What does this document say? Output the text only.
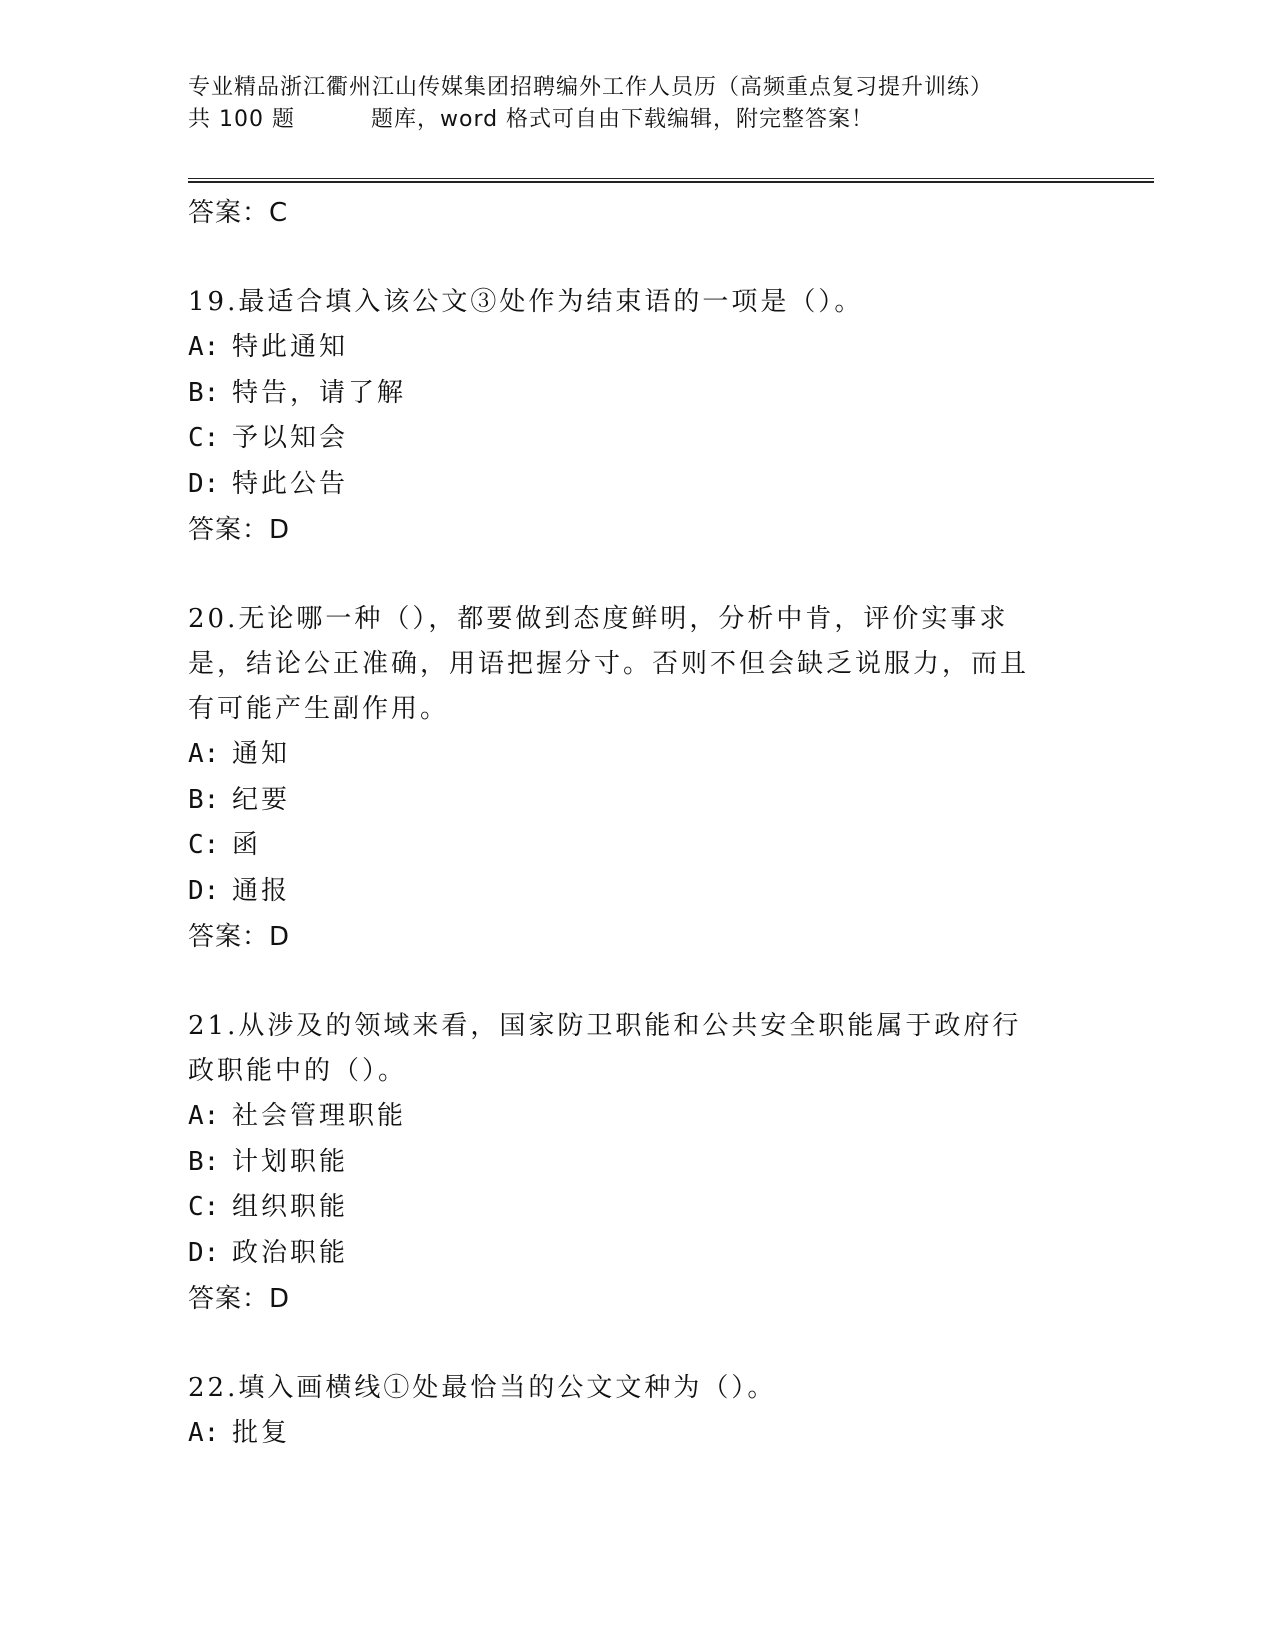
专业精品浙江衢州江山传媒集团招聘编外工作人员历（高频重点复习提升训练）
共 100 题	题库，word 格式可自由下载编辑，附完整答案！
答案：C
19.最适合填入该公文③处作为结束语的一项是（）。
A: 特此通知
B: 特告，请了解
C: 予以知会
D: 特此公告
答案：D
20.无论哪一种（），都要做到态度鲜明，分析中肯，评价实事求是，结论公正准确，用语把握分寸。否则不但会缺乏说服力，而且有可能产生副作用。
A: 通知
B: 纪要
C: 函
D: 通报
答案：D
21.从涉及的领域来看，国家防卫职能和公共安全职能属于政府行政职能中的（）。
A: 社会管理职能
B: 计划职能
C: 组织职能
D: 政治职能
答案：D
22.填入画横线①处最恰当的公文文种为（）。
A: 批复
